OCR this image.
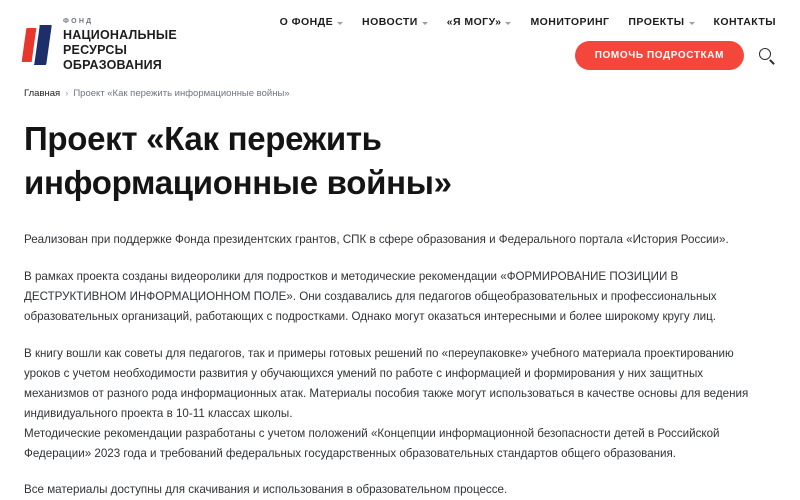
ФОНД
НАЦИОНАЛЬНЫЕ
РЕСУРСЫ
ОБРАЗОВАНИЯ
О ФОНДЕ	НОВОСТИ	«Я МОГУ»	МОНИТОРИНГ ПРОЕКТЫ	КОНТАКТЫ
ПОМОЧЬ ПОДРОСТКАМ
Главная › Проект «Как пережить информационные войны»
Проект «Как пережить информационные войны»

Реализован при поддержке Фонда президентских грантов, СПК в сфере образования и Федерального портала «История России».

В рамках проекта созданы видеоролики для подростков и методические рекомендации «ФОРМИРОВАНИЕ ПОЗИЦИИ В ДЕСТРУКТИВНОМ ИНФОРМАЦИОННОМ ПОЛЕ». Они создавались для педагогов общеобразовательных и профессиональных образовательных организаций, работающих с подростками. Однако могут оказаться интересными и более широкому кругу лиц.

В книгу вошли как советы для педагогов, так и примеры готовых решений по «переупаковке» учебного материала проектированию уроков с учетом необходимости развития у обучающихся умений по работе с информацией и формирования у них защитных механизмов от разного рода информационных атак. Материалы пособия также могут использоваться в качестве основы для ведения индивидуального проекта в 10-11 классах школы.

Методические рекомендации разработаны с учетом положений «Концепции информационной безопасности детей в Российской Федерации» 2023 года и требований федеральных государственных образовательных стандартов общего образования.

Все материалы доступны для скачивания и использования в образовательном процессе.
